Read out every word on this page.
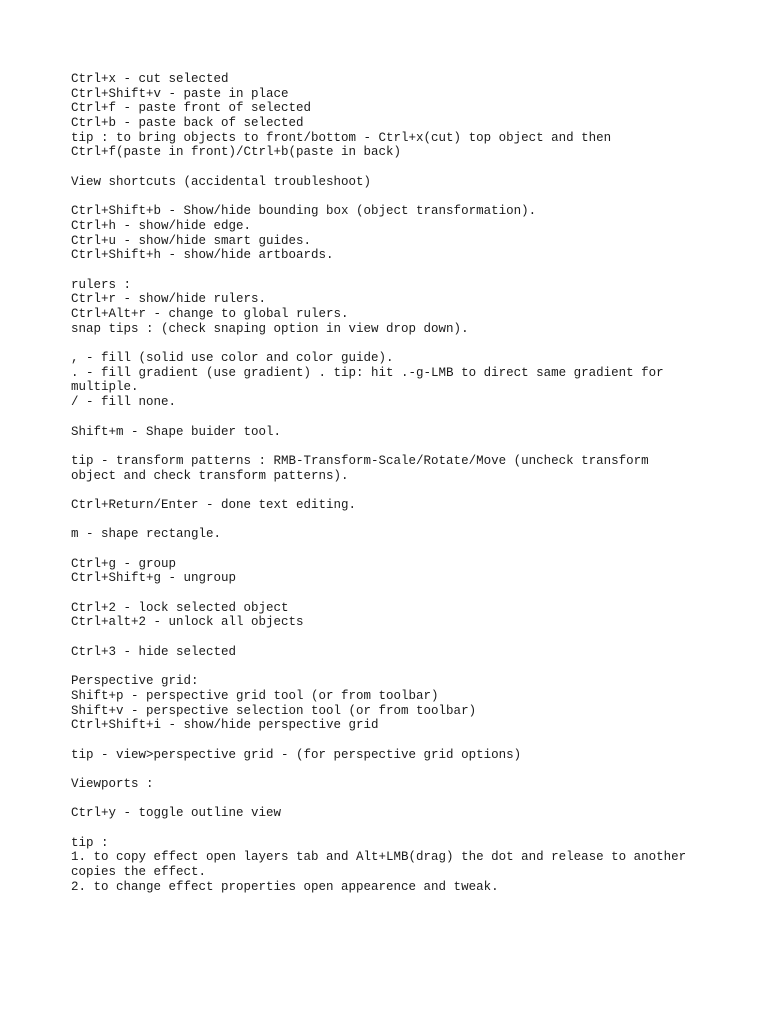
Ctrl+x - cut selected
Ctrl+Shift+v - paste in place
Ctrl+f - paste front of selected
Ctrl+b - paste back of selected
tip : to bring objects to front/bottom - Ctrl+x(cut) top object and then
Ctrl+f(paste in front)/Ctrl+b(paste in back)
View shortcuts (accidental troubleshoot)
Ctrl+Shift+b - Show/hide bounding box (object transformation).
Ctrl+h - show/hide edge.
Ctrl+u - show/hide smart guides.
Ctrl+Shift+h - show/hide artboards.
rulers :
Ctrl+r - show/hide rulers.
Ctrl+Alt+r - change to global rulers.
snap tips : (check snaping option in view drop down).
, - fill (solid use color and color guide).
. - fill gradient (use gradient) . tip: hit .-g-LMB to direct same gradient for
multiple.
/ - fill none.
Shift+m - Shape buider tool.
tip - transform patterns : RMB-Transform-Scale/Rotate/Move (uncheck transform
object and check transform patterns).
Ctrl+Return/Enter - done text editing.
m - shape rectangle.
Ctrl+g - group
Ctrl+Shift+g - ungroup
Ctrl+2 - lock selected object
Ctrl+alt+2 - unlock all objects
Ctrl+3 - hide selected
Perspective grid:
Shift+p - perspective grid tool (or from toolbar)
Shift+v - perspective selection tool (or from toolbar)
Ctrl+Shift+i - show/hide perspective grid
tip - view>perspective grid - (for perspective grid options)
Viewports :
Ctrl+y - toggle outline view
tip :
1. to copy effect open layers tab and Alt+LMB(drag) the dot and release to another
copies the effect.
2. to change effect properties open appearence and tweak.
